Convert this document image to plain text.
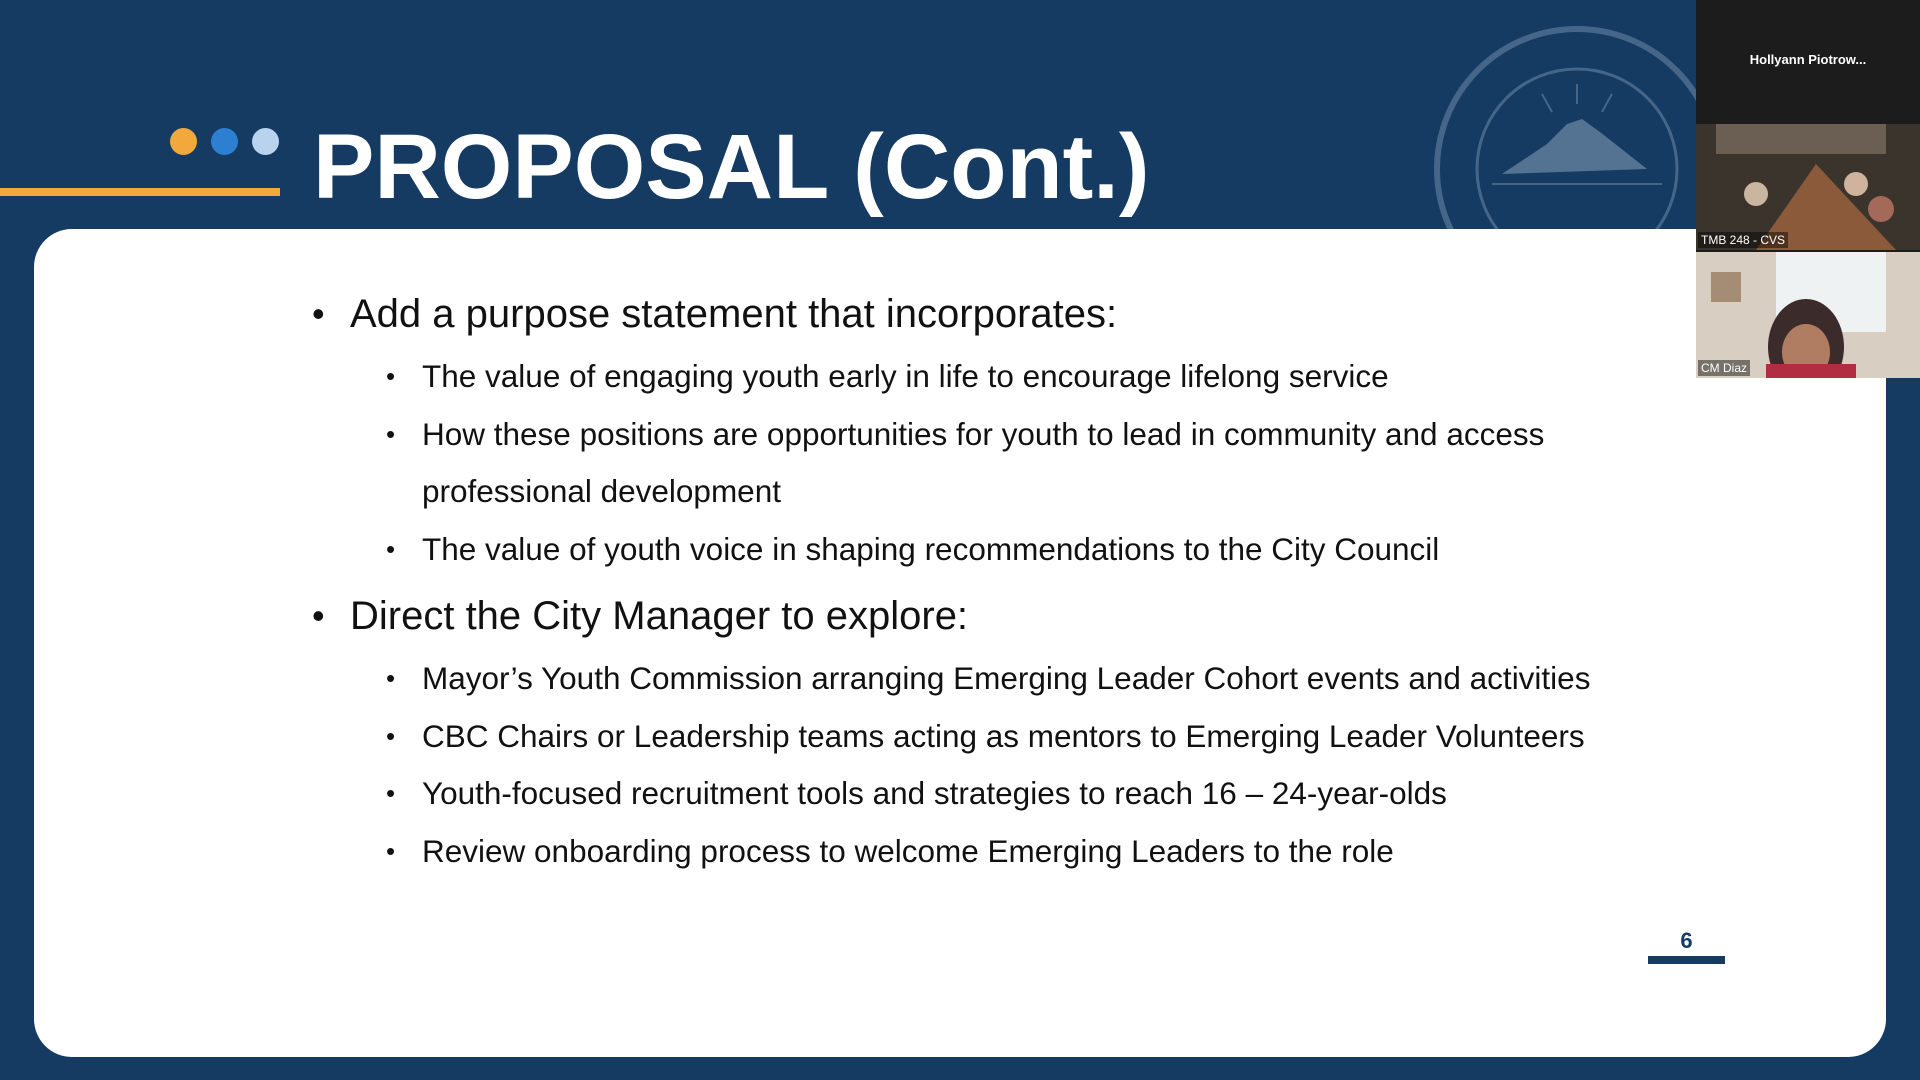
PROPOSAL (Cont.)
• Add a purpose statement that incorporates:
• The value of engaging youth early in life to encourage lifelong service
• How these positions are opportunities for youth to lead in community and access professional development
• The value of youth voice in shaping recommendations to the City Council
• Direct the City Manager to explore:
• Mayor’s Youth Commission arranging Emerging Leader Cohort events and activities
• CBC Chairs or Leadership teams acting as mentors to Emerging Leader Volunteers
• Youth-focused recruitment tools and strategies to reach 16 – 24-year-olds
• Review onboarding process to welcome Emerging Leaders to the role
6
Hollyann Piotrow...
TMB 248 - CVS
CM Diaz
